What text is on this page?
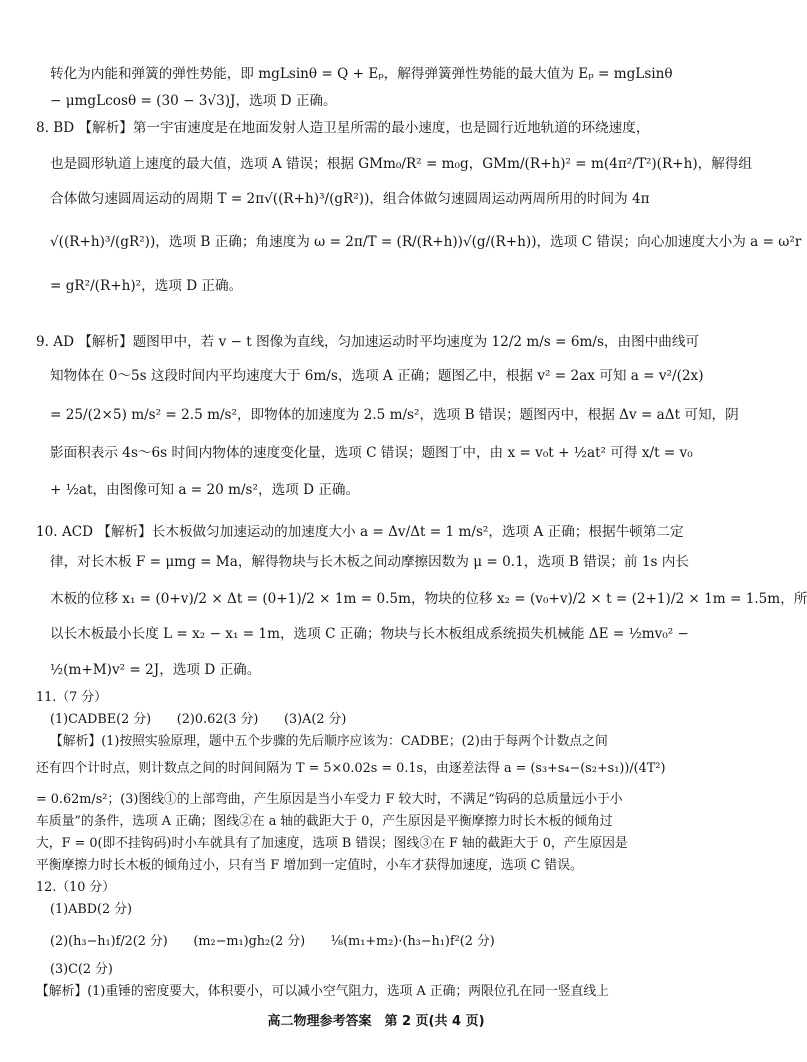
转化为内能和弹簧的弹性势能，即 mgLsinθ = Q + Eₚ，解得弹簧弹性势能的最大值为 Eₚ = mgLsinθ
− μmgLcosθ = (30 − 3√3)J，选项 D 正确。
8. BD 【解析】第一宇宙速度是在地面发射人造卫星所需的最小速度，也是圆行近地轨道的环绕速度，
也是圆形轨道上速度的最大值，选项 A 错误；根据 GMm₀/R² = m₀g，GMm/(R+h)² = m(4π²/T²)(R+h)，解得组
合体做匀速圆周运动的周期 T = 2π√((R+h)³/(gR²))，组合体做匀速圆周运动两周所用的时间为 4π
√((R+h)³/(gR²))，选项 B 正确；角速度为 ω = 2π/T = (R/(R+h))√(g/(R+h))，选项 C 错误；向心加速度大小为 a = ω²r
= gR²/(R+h)²，选项 D 正确。
9. AD 【解析】题图甲中，若 v − t 图像为直线，匀加速运动时平均速度为 12/2 m/s = 6m/s，由图中曲线可
知物体在 0～5s 这段时间内平均速度大于 6m/s，选项 A 正确；题图乙中，根据 v² = 2ax 可知 a = v²/(2x)
= 25/(2×5) m/s² = 2.5 m/s²，即物体的加速度为 2.5 m/s²，选项 B 错误；题图丙中，根据 Δv = aΔt 可知，阴
影面积表示 4s～6s 时间内物体的速度变化量，选项 C 错误；题图丁中，由 x = v₀t + ½at² 可得 x/t = v₀
+ ½at，由图像可知 a = 20 m/s²，选项 D 正确。
10. ACD 【解析】长木板做匀加速运动的加速度大小 a = Δv/Δt = 1 m/s²，选项 A 正确；根据牛顿第二定
律，对长木板 F = μmg = Ma，解得物块与长木板之间动摩擦因数为 μ = 0.1，选项 B 错误；前 1s 内长
木板的位移 x₁ = (0+v)/2 × Δt = (0+1)/2 × 1m = 0.5m，物块的位移 x₂ = (v₀+v)/2 × t = (2+1)/2 × 1m = 1.5m，所
以长木板最小长度 L = x₂ − x₁ = 1m，选项 C 正确；物块与长木板组成系统损失机械能 ΔE = ½mv₀² −
½(m+M)v² = 2J，选项 D 正确。
11.（7 分）
(1)CADBE(2 分)　　(2)0.62(3 分)　　(3)A(2 分)
【解析】(1)按照实验原理，题中五个步骤的先后顺序应该为：CADBE；(2)由于每两个计数点之间
还有四个计时点，则计数点之间的时间间隔为 T = 5×0.02s = 0.1s，由逐差法得 a = (s₃+s₄−(s₂+s₁))/(4T²)
= 0.62m/s²；(3)图线①的上部弯曲，产生原因是当小车受力 F 较大时，不满足“钩码的总质量远小于小
车质量”的条件，选项 A 正确；图线②在 a 轴的截距大于 0，产生原因是平衡摩擦力时长木板的倾角过
大，F = 0(即不挂钩码)时小车就具有了加速度，选项 B 错误；图线③在 F 轴的截距大于 0，产生原因是
平衡摩擦力时长木板的倾角过小，只有当 F 增加到一定值时，小车才获得加速度，选项 C 错误。
12.（10 分）
(1)ABD(2 分)
(2)(h₃−h₁)f/2(2 分)　　(m₂−m₁)gh₂(2 分)　　⅛(m₁+m₂)·(h₃−h₁)f²(2 分)
(3)C(2 分)
【解析】(1)重锤的密度要大，体积要小，可以减小空气阻力，选项 A 正确；两限位孔在同一竖直线上
高二物理参考答案　第 2 页(共 4 页)
